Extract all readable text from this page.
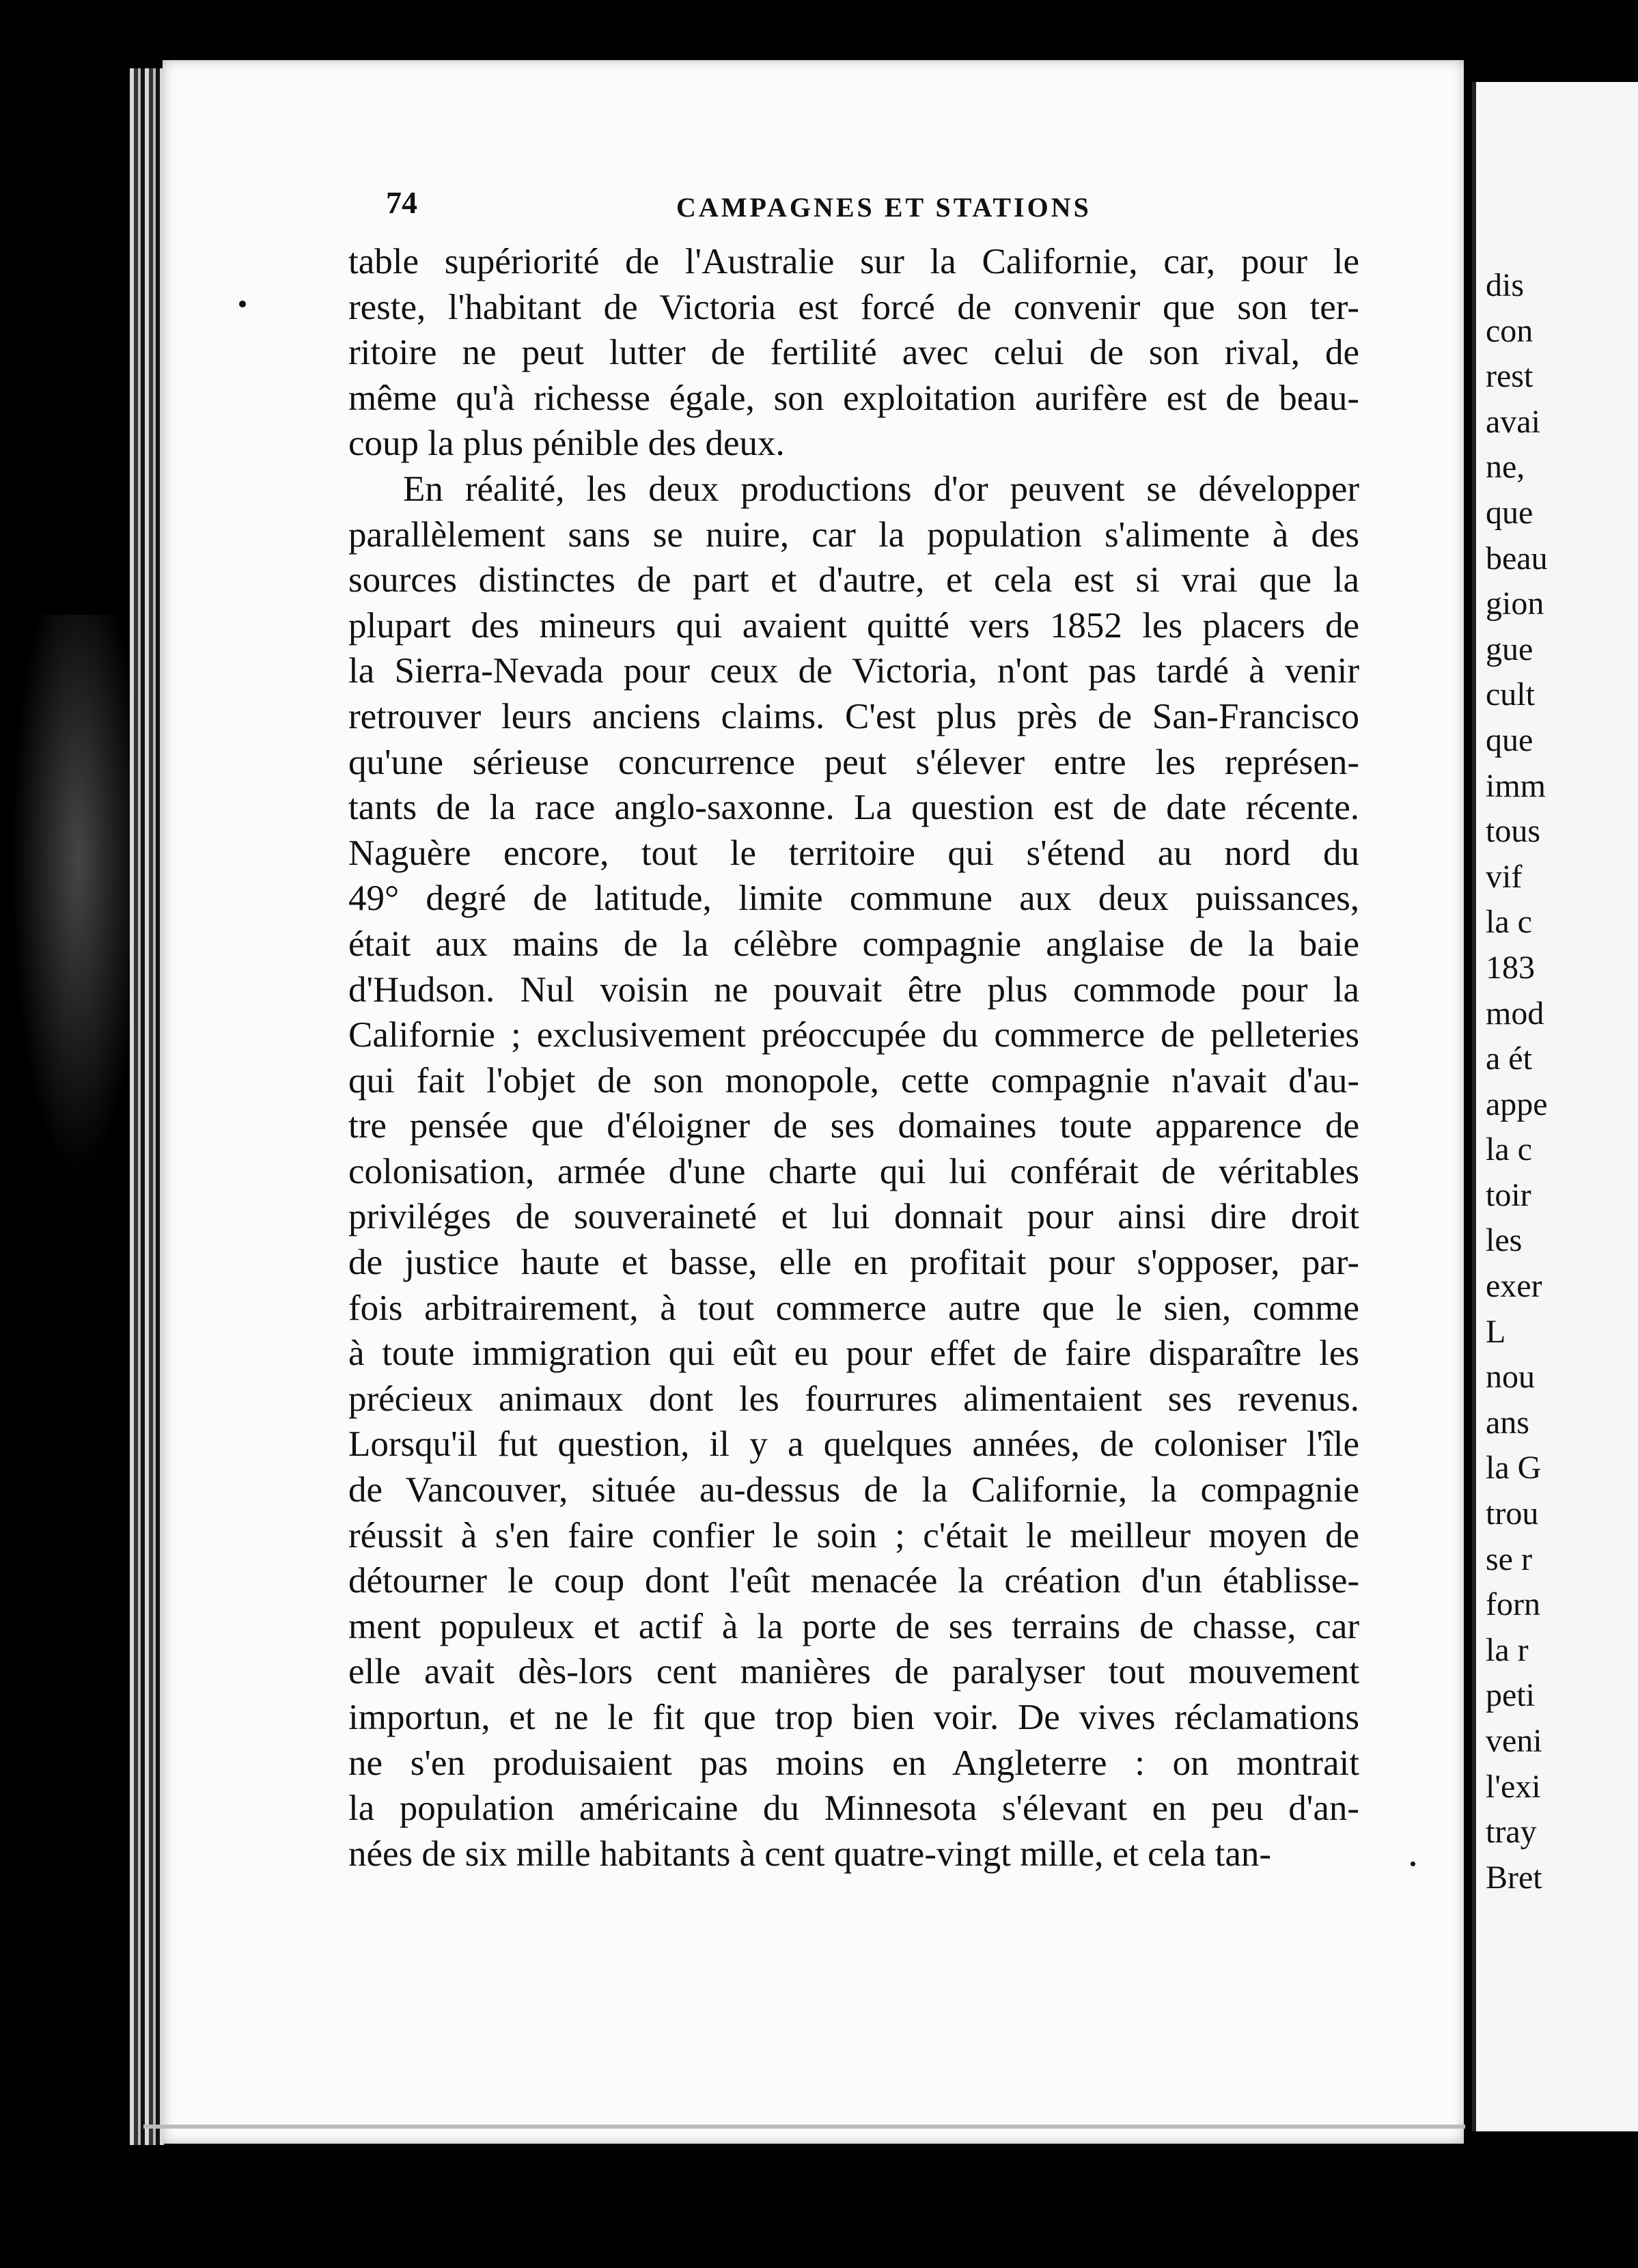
74	CAMPAGNES ET STATIONS
table supériorité de l'Australie sur la Californie, car, pour le
reste, l'habitant de Victoria est forcé de convenir que son ter-
ritoire ne peut lutter de fertilité avec celui de son rival, de
même qu'à richesse égale, son exploitation aurifère est de beau-
coup la plus pénible des deux.
En réalité, les deux productions d'or peuvent se développer
parallèlement sans se nuire, car la population s'alimente à des
sources distinctes de part et d'autre, et cela est si vrai que la
plupart des mineurs qui avaient quitté vers 1852 les placers de
la Sierra-Nevada pour ceux de Victoria, n'ont pas tardé à venir
retrouver leurs anciens claims. C'est plus près de San-Francisco
qu'une sérieuse concurrence peut s'élever entre les représen-
tants de la race anglo-saxonne. La question est de date récente.
Naguère encore, tout le territoire qui s'étend au nord du
49° degré de latitude, limite commune aux deux puissances,
était aux mains de la célèbre compagnie anglaise de la baie
d'Hudson. Nul voisin ne pouvait être plus commode pour la
Californie ; exclusivement préoccupée du commerce de pelleteries
qui fait l'objet de son monopole, cette compagnie n'avait d'au-
tre pensée que d'éloigner de ses domaines toute apparence de
colonisation, armée d'une charte qui lui conférait de véritables
priviléges de souveraineté et lui donnait pour ainsi dire droit
de justice haute et basse, elle en profitait pour s'opposer, par-
fois arbitrairement, à tout commerce autre que le sien, comme
à toute immigration qui eût eu pour effet de faire disparaître les
précieux animaux dont les fourrures alimentaient ses revenus.
Lorsqu'il fut question, il y a quelques années, de coloniser l'île
de Vancouver, située au-dessus de la Californie, la compagnie
réussit à s'en faire confier le soin ; c'était le meilleur moyen de
détourner le coup dont l'eût menacée la création d'un établisse-
ment populeux et actif à la porte de ses terrains de chasse, car
elle avait dès-lors cent manières de paralyser tout mouvement
importun, et ne le fit que trop bien voir. De vives réclamations
ne s'en produisaient pas moins en Angleterre : on montrait
la population américaine du Minnesota s'élevant en peu d'an-
nées de six mille habitants à cent quatre-vingt mille, et cela tan-
dis
con
rest
avai
ne,
que
beau
gion
gue
cult
que
imm
tous
vif
la c
183
mod
a ét
appe
la c
toir
les
exer
L
nou
ans
la G
trou
se r
forn
la r
peti
veni
l'exi
tray
Bret
